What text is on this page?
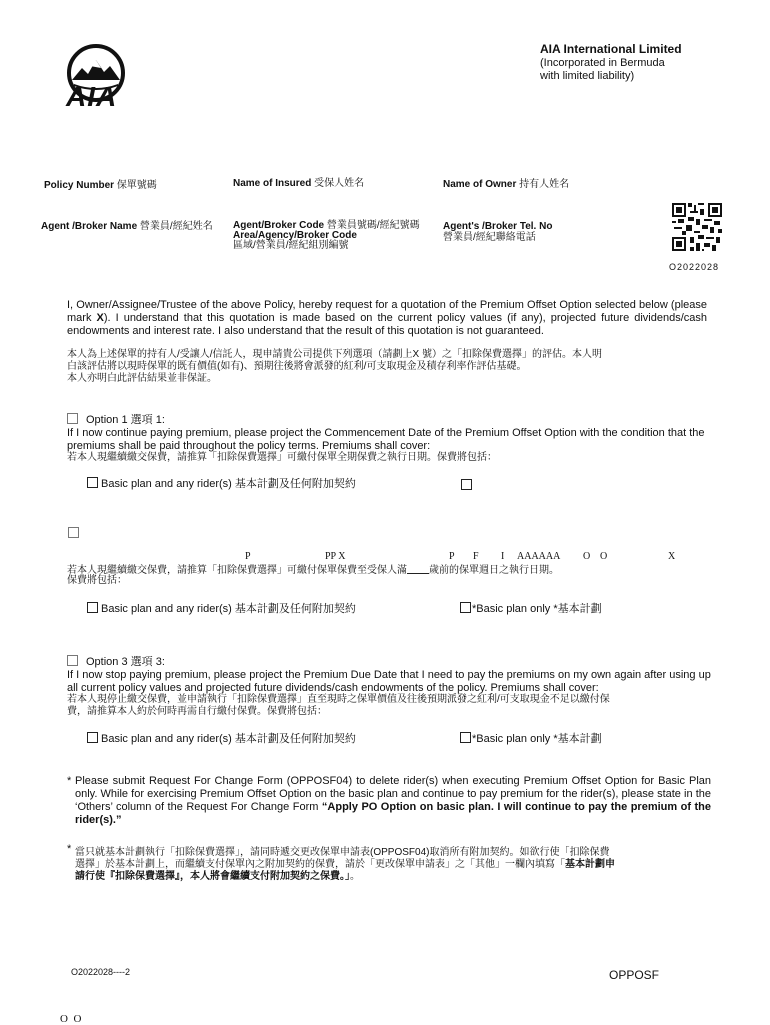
AIA
AIA International Limited
(Incorporated in Bermuda
with limited liability)
Policy Number 保單號碼	Name of Insured 受保人姓名	Name of Owner 持有人姓名
Agent /Broker Name 營業員/經紀姓名 Agent/Broker Code 營業員號碼/經紀號碼
Area/Agency/Broker Code
區域/營業員/經紀組別編號
Agent's /Broker Tel. No
營業員/經紀聯絡電話
O2022028
I, Owner/Assignee/Trustee of the above Policy, hereby request for a quotation of the Premium Offset Option selected below (please mark X). I understand that this quotation is made based on the current policy values (if any), projected future dividends/cash endowments and interest rate. I also understand that the result of this quotation is not guaranteed.
本人為上述保單的持有人/受讓人/信託人，現申請貴公司提供下列選項（請劃上X 號）之「扣除保費選擇」的評估。本人明
白該評估將以現時保單的既有價值(如有)、預期往後將會派發的紅利/可支取現金及積存利率作評估基礎。
本人亦明白此評估結果並非保証。
Option 1 選項 1:
If I now continue paying premium, please project the Commencement Date of the Premium Offset Option with the condition that the premiums shall be paid throughout the policy terms. Premiums shall cover:
若本人現繼續繳交保費，請推算「扣除保費選擇」可繳付保單全期保費之執行日期。保費將包括：
Basic plan and any rider(s) 基本計劃及任何附加契約
P	PP X	P F I AAAAAA O O	X
若本人現繼續繳交保費，請推算「扣除保費選擇」可繳付保單保費至受保人滿 歲前的保單週日之執行日期。
保費將包括：
Basic plan and any rider(s) 基本計劃及任何附加契約	*Basic plan only *基本計劃
Option 3 選項 3:
If I now stop paying premium, please project the Premium Due Date that I need to pay the premiums on my own again after using up all current policy values and projected future dividends/cash endowments of the policy. Premiums shall cover:
若本人現停止繳交保費，並申請執行「扣除保費選擇」直至現時之保單價值及往後預期派發之紅利/可支取現金不足以繳付保
費，請推算本人約於何時再需自行繳付保費。保費將包括：
Basic plan and any rider(s) 基本計劃及任何附加契約	*Basic plan only *基本計劃
* Please submit Request For Change Form (OPPOSF04) to delete rider(s) when executing Premium Offset Option for Basic Plan only. While for exercising Premium Offset Option on the basic plan and continue to pay premium for the rider(s), please state in the ‘Others’ column of the Request For Change Form “Apply PO Option on basic plan. I will continue to pay the premium of the rider(s).”
* 當只就基本計劃執行「扣除保費選擇」，請同時遞交更改保單申請表(OPPOSF04)取消所有附加契約。如欲行使「扣除保費
選擇」於基本計劃上，而繼續支付保單內之附加契約的保費，請於「更改保單申請表」之「其他」一欄內填寫「基本計劃申
請行使『扣除保費選擇』，本人將會繼續支付附加契約之保費。」。
O2022028----2	OPPOSF
O  O
